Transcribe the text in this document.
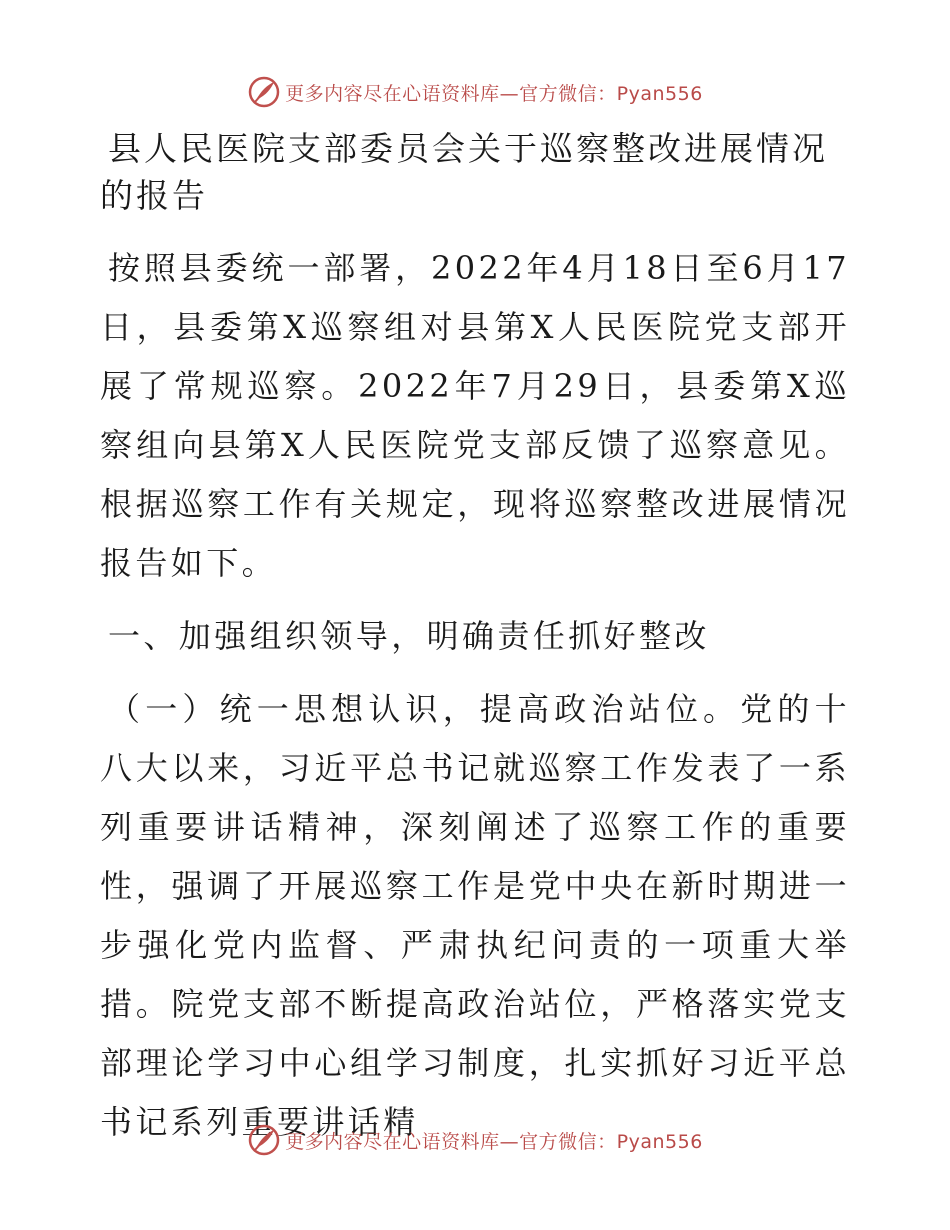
更多内容尽在心语资料库—官方微信：Pyan556
县人民医院支部委员会关于巡察整改进展情况的报告

按照县委统一部署，2022年4月18日至6月17日，县委第X巡察组对县第X人民医院党支部开展了常规巡察。2022年7月29日，县委第X巡察组向县第X人民医院党支部反馈了巡察意见。根据巡察工作有关规定，现将巡察整改进展情况报告如下。

一、加强组织领导，明确责任抓好整改

（一）统一思想认识，提高政治站位。党的十八大以来，习近平总书记就巡察工作发表了一系列重要讲话精神，深刻阐述了巡察工作的重要性，强调了开展巡察工作是党中央在新时期进一步强化党内监督、严肃执纪问责的一项重大举措。院党支部不断提高政治站位，严格落实党支部理论学习中心组学习制度，扎实抓好习近平总书记系列重要讲话精

更多内容尽在心语资料库—官方微信：Pyan556
